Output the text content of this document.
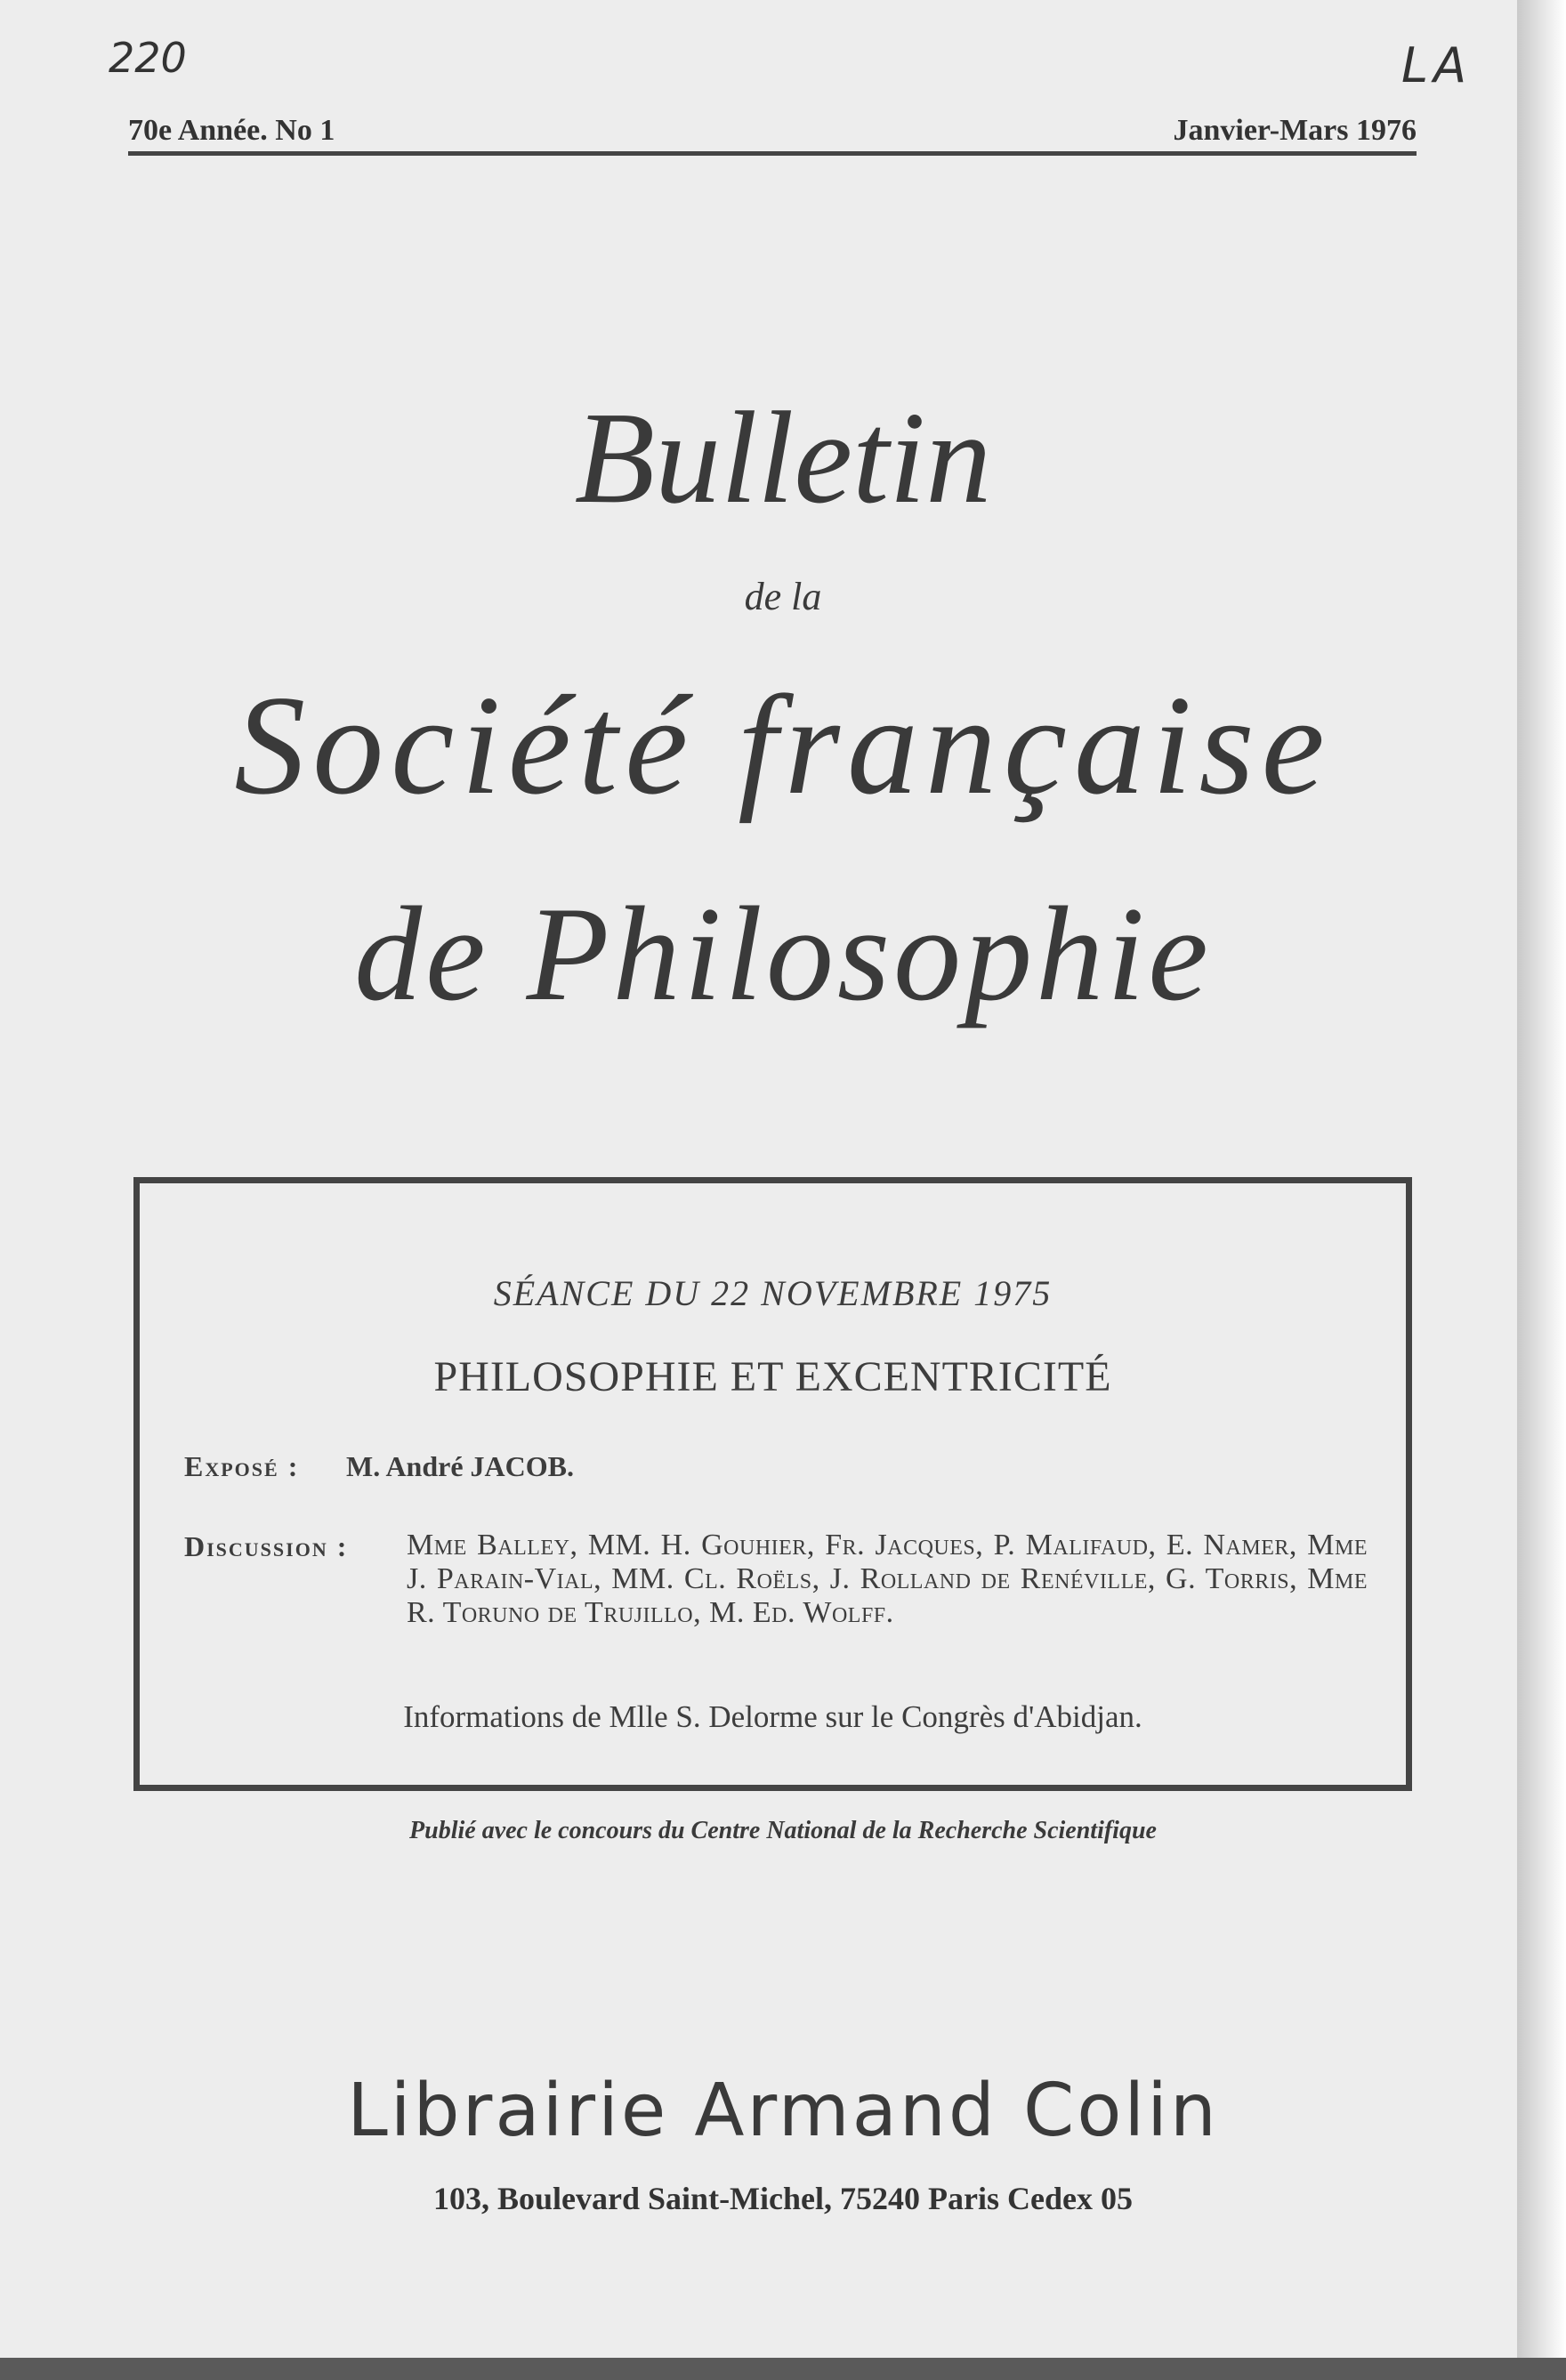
220	LA
70e Année. No 1	Janvier-Mars 1976
Bulletin
de la
Société française
de Philosophie
SÉANCE DU 22 NOVEMBRE 1975
PHILOSOPHIE ET EXCENTRICITÉ
Exposé : M. André JACOB.
Discussion : Mme Balley, MM. H. Gouhier, Fr. Jacques, P. Malifaud, E. Namer, Mme J. Parain-Vial, MM. Cl. Roëls, J. Rolland de Renéville, G. Torris, Mme R. Toruno de Trujillo, M. Ed. Wolff.
Informations de Mlle S. Delorme sur le Congrès d'Abidjan.
Publié avec le concours du Centre National de la Recherche Scientifique
Librairie Armand Colin
103, Boulevard Saint-Michel, 75240 Paris Cedex 05
